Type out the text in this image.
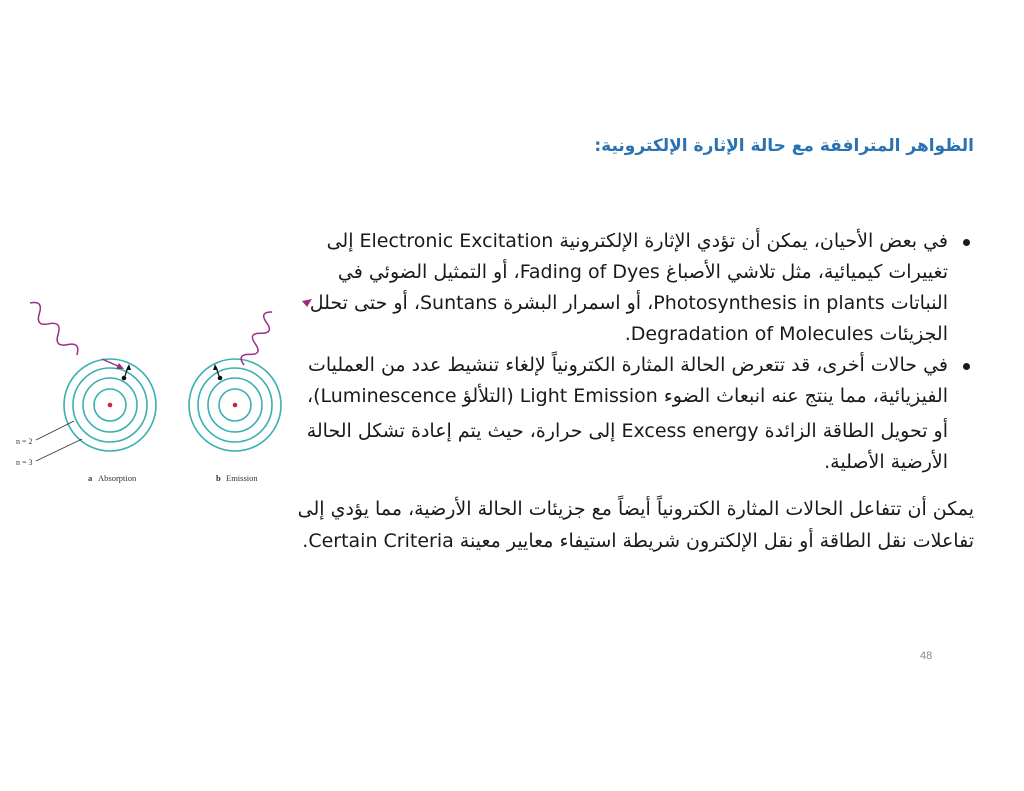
الظواهر المترافقة مع حالة الإثارة الإلكترونية:

في بعض الأحيان، يمكن أن تؤدي الإثارة الإلكترونية Electronic Excitation إلى

تغييرات كيميائية، مثل تلاشي الأصباغ Fading of Dyes، أو التمثيل الضوئي في

النباتات Photosynthesis in plants، أو اسمرار البشرة Suntans، أو حتى تحلل

الجزيئات Degradation of Molecules.

في حالات أخرى، قد تتعرض الحالة المثارة الكترونياً لإلغاء تنشيط عدد من العمليات

الفيزيائية، مما ينتج عنه انبعاث الضوء Light Emission (التلألؤ Luminescence)،

أو تحويل الطاقة الزائدة Excess energy إلى حرارة، حيث يتم إعادة تشكل الحالة

الأرضية الأصلية.

يمكن أن تتفاعل الحالات المثارة الكترونياً أيضاً مع جزيئات الحالة الأرضية، مما يؤدي إلى
تفاعلات نقل الطاقة أو نقل الإلكترون شريطة استيفاء معايير معينة Certain Criteria.
n = 2
n = 3
a Absorption	b Emission
48
